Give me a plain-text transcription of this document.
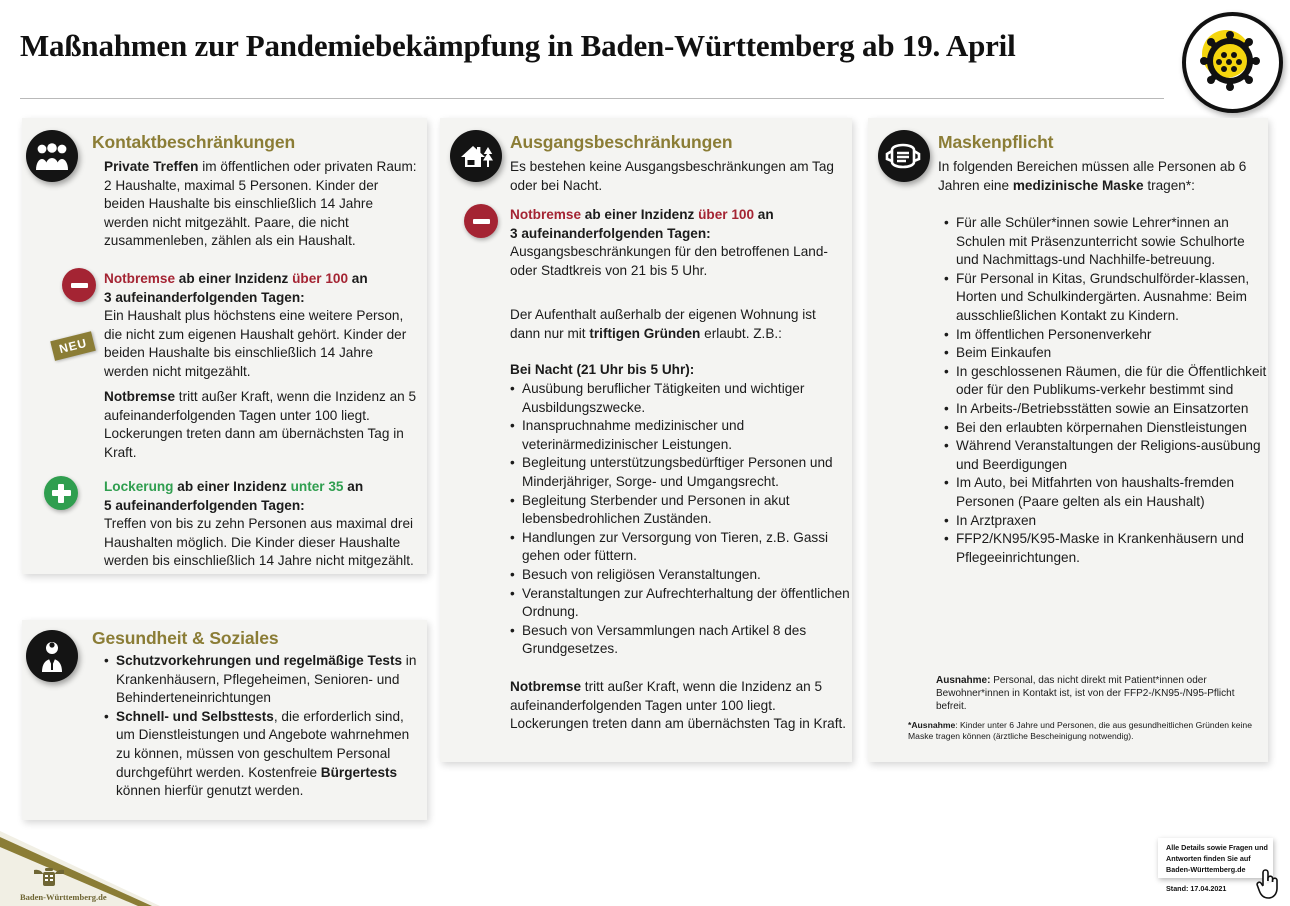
Maßnahmen zur Pandemiebekämpfung in Baden-Württemberg ab 19. April
Kontaktbeschränkungen
Private Treffen im öffentlichen oder privaten Raum: 2 Haushalte, maximal 5 Personen. Kinder der beiden Haushalte bis einschließlich 14 Jahre werden nicht mitgezählt. Paare, die nicht zusammenleben, zählen als ein Haushalt.
NEU
Notbremse ab einer Inzidenz über 100 an
3 aufeinanderfolgenden Tagen:
Ein Haushalt plus höchstens eine weitere Person, die nicht zum eigenen Haushalt gehört. Kinder der beiden Haushalte bis einschließlich 14 Jahre werden nicht mitgezählt.
Notbremse tritt außer Kraft, wenn die Inzidenz an 5 aufeinanderfolgenden Tagen unter 100 liegt. Lockerungen treten dann am übernächsten Tag in Kraft.
Lockerung ab einer Inzidenz unter 35 an
5 aufeinanderfolgenden Tagen:
Treffen von bis zu zehn Personen aus maximal drei Haushalten möglich. Die Kinder dieser Haushalte werden bis einschließlich 14 Jahre nicht mitgezählt.
Gesundheit & Soziales
• Schutzvorkehrungen und regelmäßige Tests in Krankenhäusern, Pflegeheimen, Senioren- und Behinderteneinrichtungen
• Schnell- und Selbsttests, die erforderlich sind, um Dienstleistungen und Angebote wahrnehmen zu können, müssen von geschultem Personal durchgeführt werden. Kostenfreie Bürgertests können hierfür genutzt werden.
Ausgangsbeschränkungen
Es bestehen keine Ausgangsbeschränkungen am Tag oder bei Nacht.
Notbremse ab einer Inzidenz über 100 an
3 aufeinanderfolgenden Tagen:
Ausgangsbeschränkungen für den betroffenen Land- oder Stadtkreis von 21 bis 5 Uhr.
Der Aufenthalt außerhalb der eigenen Wohnung ist dann nur mit triftigen Gründen erlaubt. Z.B.:
Bei Nacht (21 Uhr bis 5 Uhr):
• Ausübung beruflicher Tätigkeiten und wichtiger Ausbildungszwecke.
• Inanspruchnahme medizinischer und veterinärmedizinischer Leistungen.
• Begleitung unterstützungsbedürftiger Personen und Minderjähriger, Sorge- und Umgangsrecht.
• Begleitung Sterbender und Personen in akut lebensbedrohlichen Zuständen.
• Handlungen zur Versorgung von Tieren, z.B. Gassi gehen oder füttern.
• Besuch von religiösen Veranstaltungen.
• Veranstaltungen zur Aufrechterhaltung der öffentlichen Ordnung.
• Besuch von Versammlungen nach Artikel 8 des Grundgesetzes.
Notbremse tritt außer Kraft, wenn die Inzidenz an 5 aufeinanderfolgenden Tagen unter 100 liegt. Lockerungen treten dann am übernächsten Tag in Kraft.
Maskenpflicht
In folgenden Bereichen müssen alle Personen ab 6 Jahren eine medizinische Maske tragen*:
• Für alle Schüler*innen sowie Lehrer*innen an Schulen mit Präsenzunterricht sowie Schulhorte und Nachmittags-und Nachhilfe-betreuung.
• Für Personal in Kitas, Grundschulförder-klassen, Horten und Schulkindergärten. Ausnahme: Beim ausschließlichen Kontakt zu Kindern.
• Im öffentlichen Personenverkehr
• Beim Einkaufen
• In geschlossenen Räumen, die für die Öffentlichkeit oder für den Publikums-verkehr bestimmt sind
• In Arbeits-/Betriebsstätten sowie an Einsatzorten
• Bei den erlaubten körpernahen Dienstleistungen
• Während Veranstaltungen der Religions-ausübung und Beerdigungen
• Im Auto, bei Mitfahrten von haushalts-fremden Personen (Paare gelten als ein Haushalt)
• In Arztpraxen
• FFP2/KN95/K95-Maske in Krankenhäusern und Pflegeeinrichtungen.
Ausnahme: Personal, das nicht direkt mit Patient*innen oder Bewohner*innen in Kontakt ist, ist von der FFP2-/KN95-/N95-Pflicht befreit.
*Ausnahme: Kinder unter 6 Jahre und Personen, die aus gesundheitlichen Gründen keine Maske tragen können (ärztliche Bescheinigung notwendig).
Baden-Württemberg.de
Alle Details sowie Fragen und
Antworten finden Sie auf
Baden-Württemberg.de
Stand: 17.04.2021
